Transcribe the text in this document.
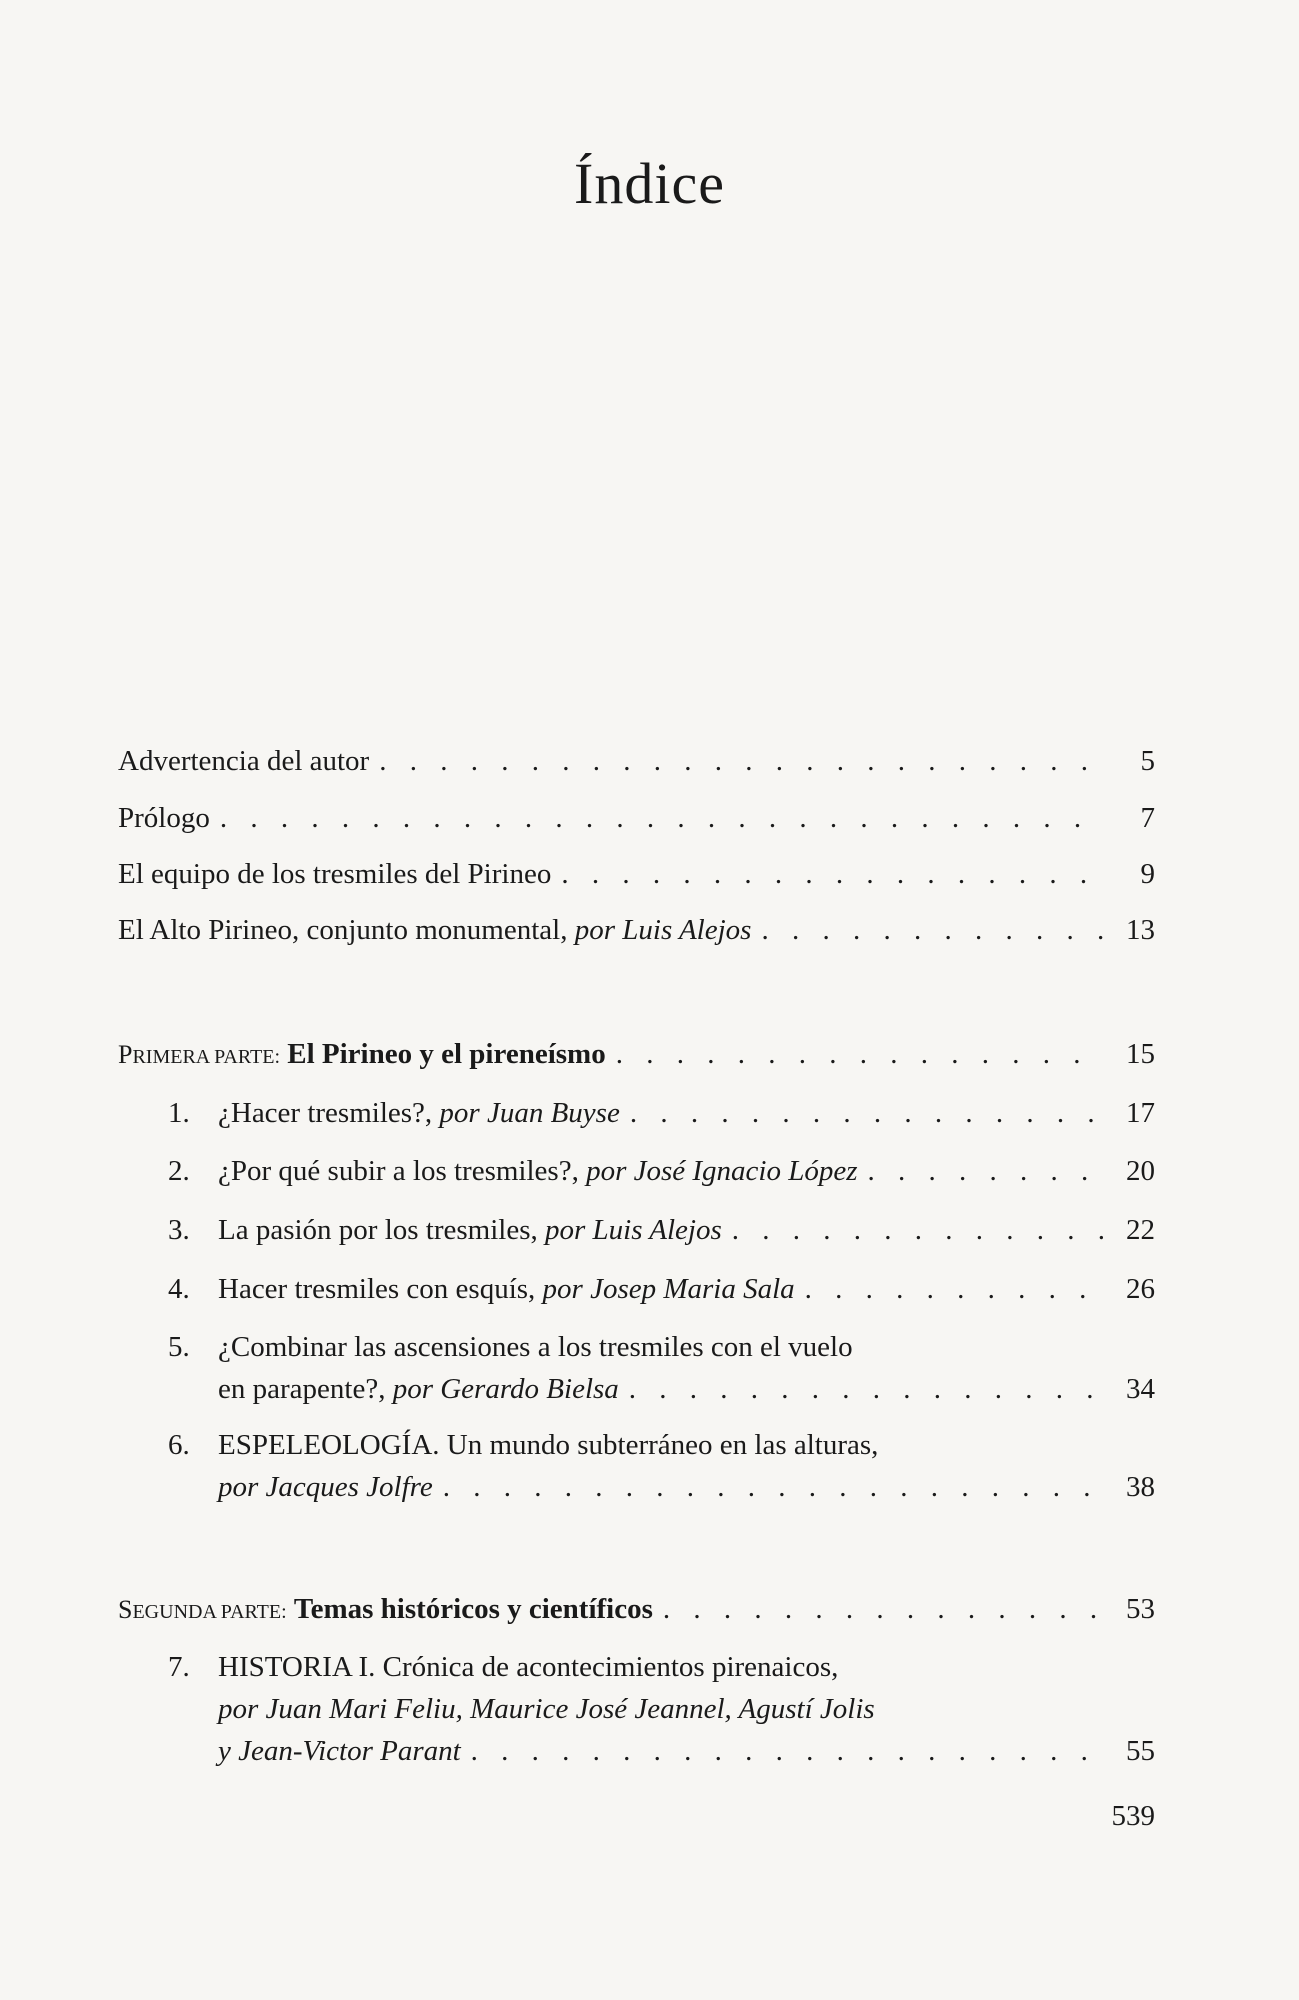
Índice
Advertencia del autor . . .	5
Prólogo . . .	7
El equipo de los tresmiles del Pirineo . . .	9
El Alto Pirineo, conjunto monumental, por Luis Alejos . . .	13
PRIMERA PARTE: El Pirineo y el pireneísmo . . .	15
1. ¿Hacer tresmiles?, por Juan Buyse . . .	17
2. ¿Por qué subir a los tresmiles?, por José Ignacio López . . .	20
3. La pasión por los tresmiles, por Luis Alejos . . .	22
4. Hacer tresmiles con esquís, por Josep Maria Sala . . .	26
5. ¿Combinar las ascensiones a los tresmiles con el vuelo
en parapente?, por Gerardo Bielsa . . .	34
6. ESPELEOLOGÍA. Un mundo subterráneo en las alturas,
por Jacques Jolfre . . .	38
SEGUNDA PARTE: Temas históricos y científicos . . .	53
7. HISTORIA I. Crónica de acontecimientos pirenaicos,
por Juan Mari Feliu, Maurice José Jeannel, Agustí Jolis
y Jean-Victor Parant . . .	55
539
